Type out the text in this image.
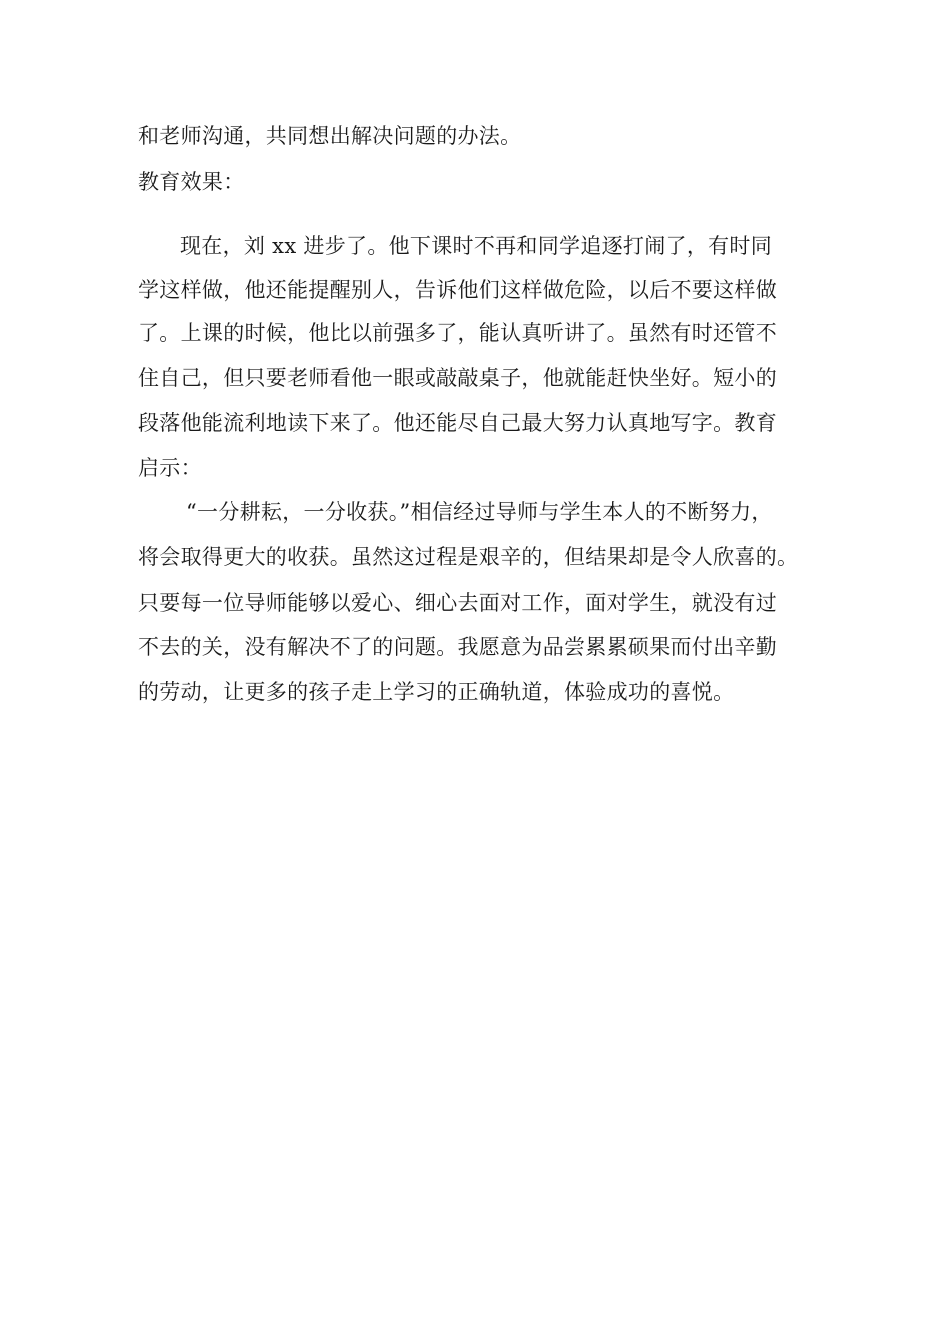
和老师沟通，共同想出解决问题的办法。
教育效果：
现在，刘 xx 进步了。他下课时不再和同学追逐打闹了，有时同
学这样做，他还能提醒别人，告诉他们这样做危险，以后不要这样做
了。上课的时候，他比以前强多了，能认真听讲了。虽然有时还管不
住自己，但只要老师看他一眼或敲敲桌子，他就能赶快坐好。短小的
段落他能流利地读下来了。他还能尽自己最大努力认真地写字。教育
启示：
“一分耕耘，一分收获。”相信经过导师与学生本人的不断努力，
将会取得更大的收获。虽然这过程是艰辛的，但结果却是令人欣喜的。
只要每一位导师能够以爱心、细心去面对工作，面对学生，就没有过
不去的关，没有解决不了的问题。我愿意为品尝累累硕果而付出辛勤
的劳动，让更多的孩子走上学习的正确轨道，体验成功的喜悦。
